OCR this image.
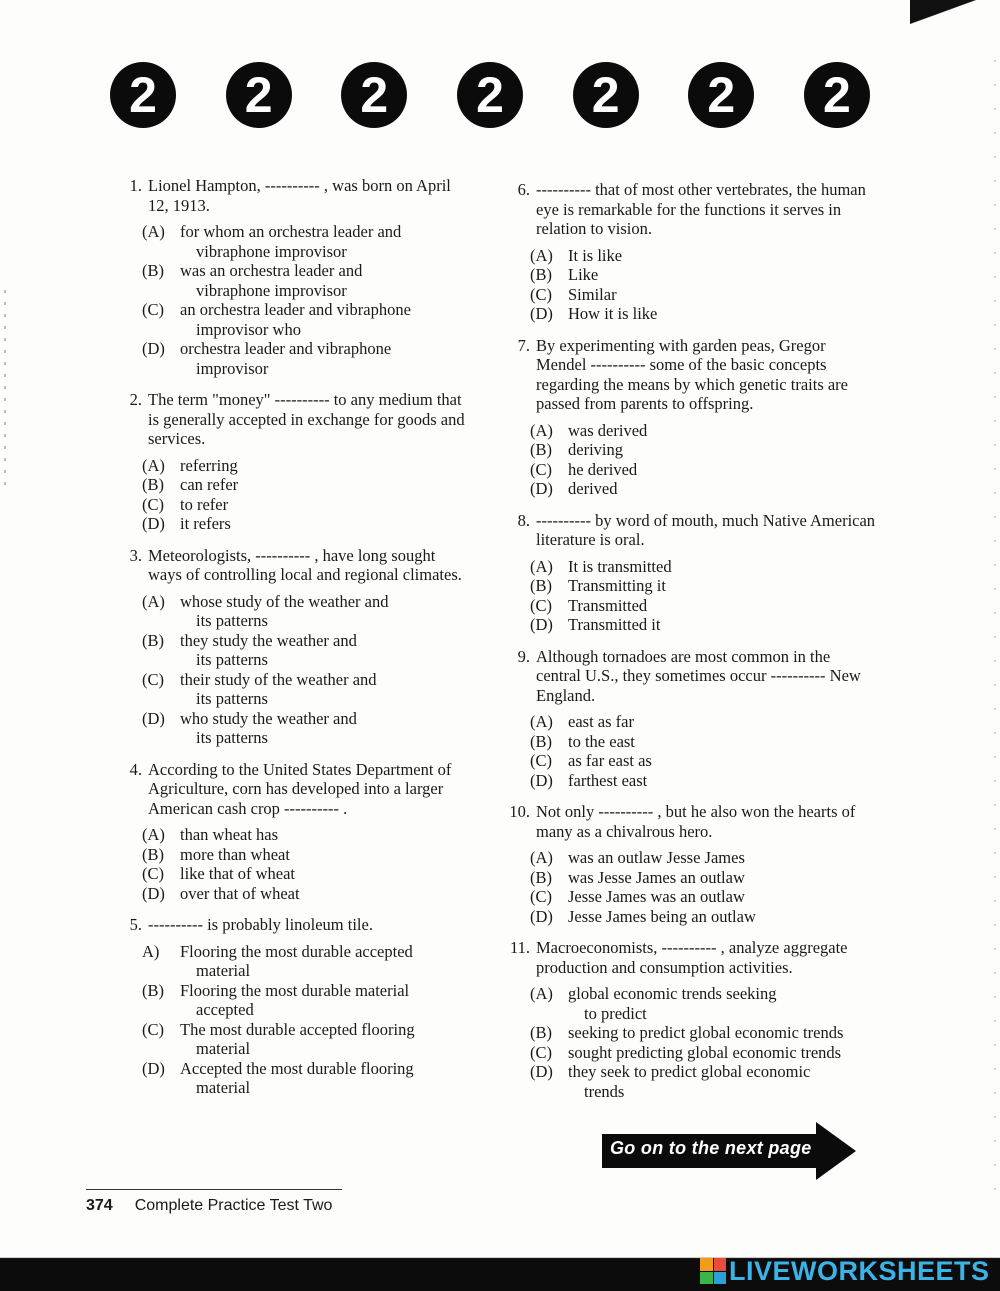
2	2	2	2	2	2	2
1. Lionel Hampton, ---------- , was born on April 12, 1913.
(A) for whom an orchestra leader and
vibraphone improvisor
(B) was an orchestra leader and
vibraphone improvisor
(C) an orchestra leader and vibraphone
improvisor who
(D) orchestra leader and vibraphone
improvisor
2. The term "money" ---------- to any medium that is generally accepted in exchange for goods and services.
(A) referring
(B) can refer
(C) to refer
(D) it refers
3. Meteorologists, ---------- , have long sought ways of controlling local and regional climates.
(A) whose study of the weather and
its patterns
(B) they study the weather and
its patterns
(C) their study of the weather and
its patterns
(D) who study the weather and
its patterns
4. According to the United States Department of Agriculture, corn has developed into a larger American cash crop ---------- .
(A) than wheat has
(B) more than wheat
(C) like that of wheat
(D) over that of wheat
5. ---------- is probably linoleum tile.
A)	Flooring the most durable accepted
material
(B) Flooring the most durable material
accepted
(C) The most durable accepted flooring
material
(D) Accepted the most durable flooring
material
6. ---------- that of most other vertebrates, the human eye is remarkable for the functions it serves in relation to vision.
(A) It is like
(B) Like
(C) Similar
(D) How it is like
7. By experimenting with garden peas, Gregor Mendel ---------- some of the basic concepts regarding the means by which genetic traits are passed from parents to offspring.
(A) was derived
(B) deriving
(C) he derived
(D) derived
8. ---------- by word of mouth, much Native American literature is oral.
(A) It is transmitted
(B) Transmitting it
(C) Transmitted
(D) Transmitted it
9. Although tornadoes are most common in the central U.S., they sometimes occur ---------- New England.
(A) east as far
(B) to the east
(C) as far east as
(D) farthest east
10. Not only ---------- , but he also won the hearts of many as a chivalrous hero.
(A) was an outlaw Jesse James
(B) was Jesse James an outlaw
(C) Jesse James was an outlaw
(D) Jesse James being an outlaw
11. Macroeconomists, ---------- , analyze aggregate production and consumption activities.
(A) global economic trends seeking
to predict
(B) seeking to predict global economic trends
(C) sought predicting global economic trends
(D) they seek to predict global economic
trends
Go on to the next page
374 Complete Practice Test Two
LIVEWORKSHEETS
